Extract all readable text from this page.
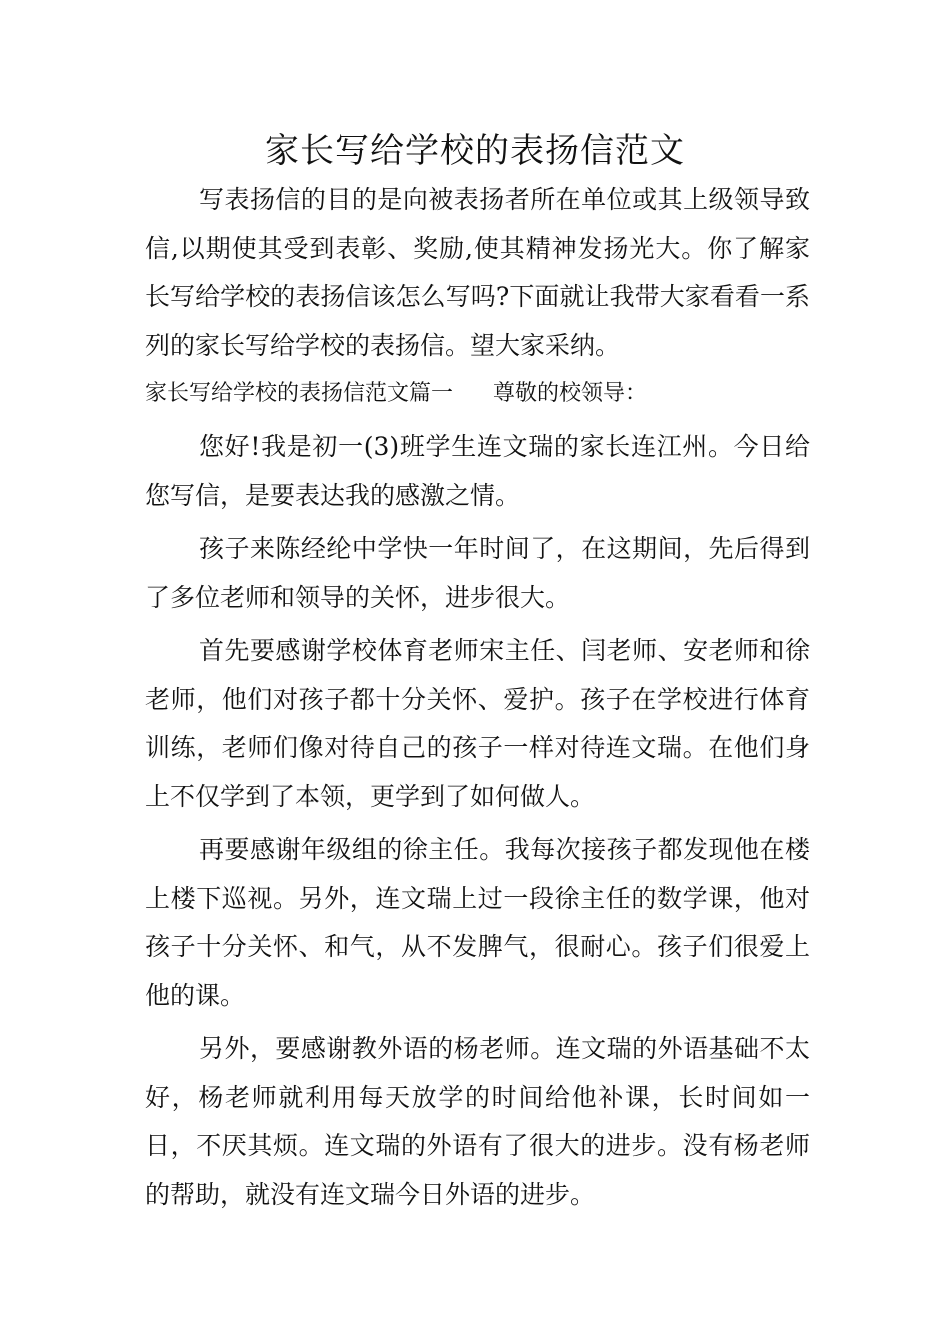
家长写给学校的表扬信范文

写表扬信的目的是向被表扬者所在单位或其上级领导致信,以期使其受到表彰、奖励,使其精神发扬光大。你了解家长写给学校的表扬信该怎么写吗?下面就让我带大家看看一系列的家长写给学校的表扬信。望大家采纳。

家长写给学校的表扬信范文篇一 尊敬的校领导：

您好!我是初一(3)班学生连文瑞的家长连江州。今日给您写信，是要表达我的感激之情。

孩子来陈经纶中学快一年时间了，在这期间，先后得到了多位老师和领导的关怀，进步很大。

首先要感谢学校体育老师宋主任、闫老师、安老师和徐老师，他们对孩子都十分关怀、爱护。孩子在学校进行体育训练，老师们像对待自己的孩子一样对待连文瑞。在他们身上不仅学到了本领，更学到了如何做人。

再要感谢年级组的徐主任。我每次接孩子都发现他在楼上楼下巡视。另外，连文瑞上过一段徐主任的数学课，他对孩子十分关怀、和气，从不发脾气，很耐心。孩子们很爱上他的课。

另外，要感谢教外语的杨老师。连文瑞的外语基础不太好，杨老师就利用每天放学的时间给他补课，长时间如一日，不厌其烦。连文瑞的外语有了很大的进步。没有杨老师的帮助，就没有连文瑞今日外语的进步。
